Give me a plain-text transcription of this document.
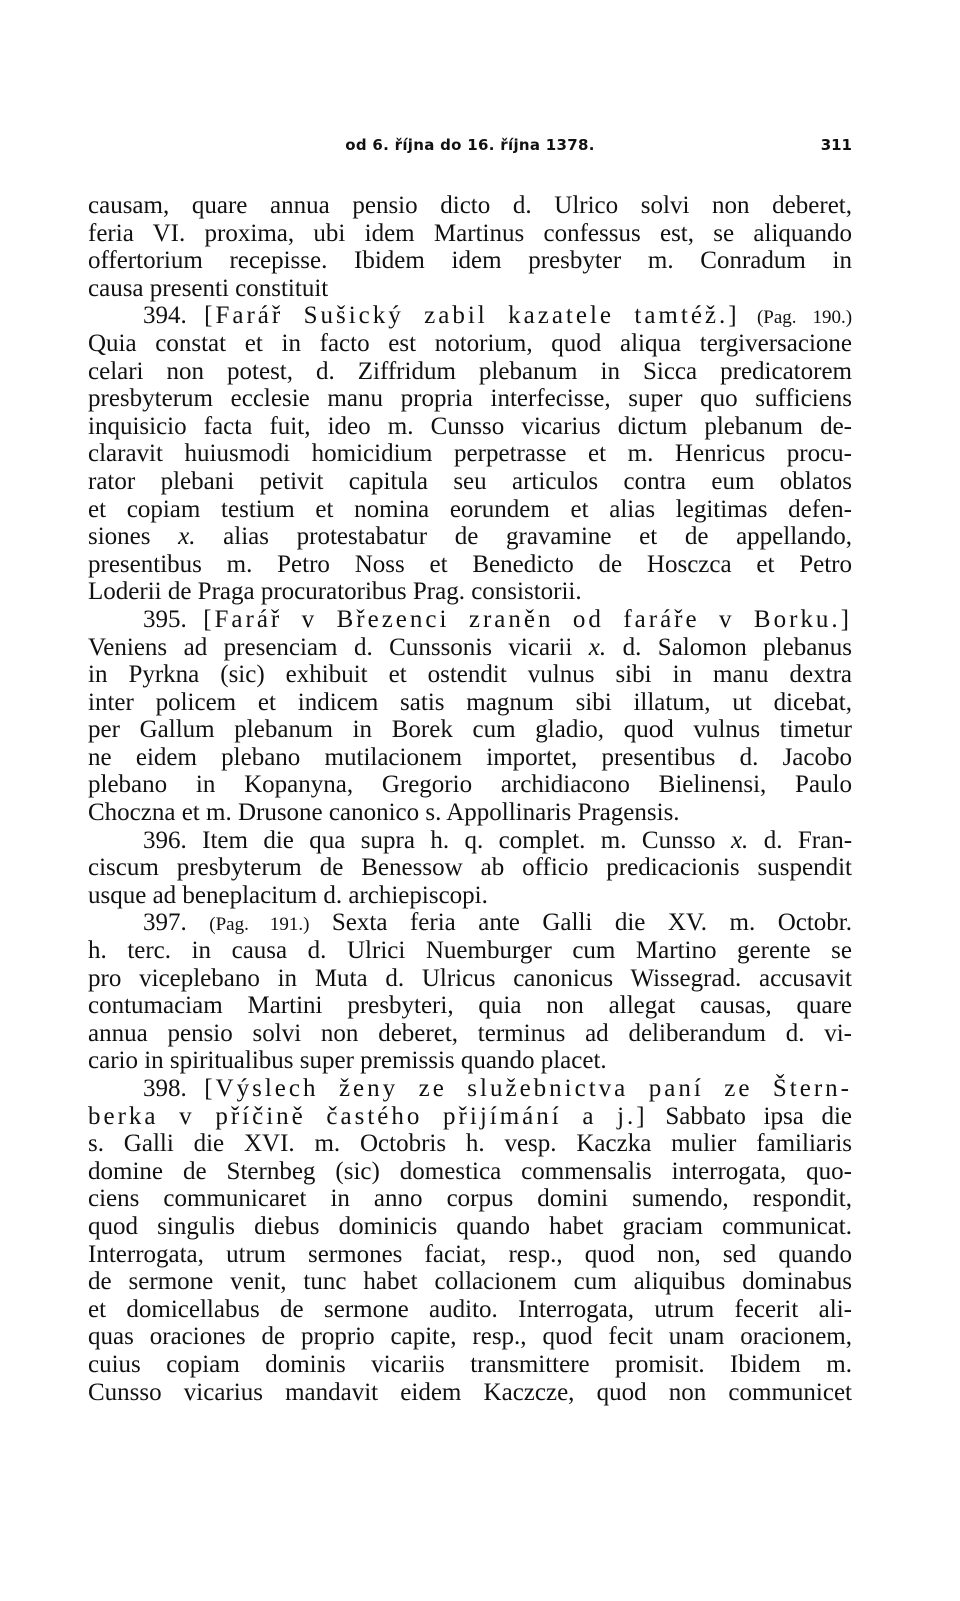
od 6. října do 16. října 1378.	311
causam, quare annua pensio dicto d. Ulrico solvi non deberet,
feria VI. proxima, ubi idem Martinus confessus est, se aliquando
offertorium recepisse. Ibidem idem presbyter m. Conradum in
causa presenti constituit
394. [Farář Sušický zabil kazatele tamtéž.] (Pag. 190.)
Quia constat et in facto est notorium, quod aliqua tergiversacione
celari non potest, d. Ziffridum plebanum in Sicca predicatorem
presbyterum ecclesie manu propria interfecisse, super quo sufficiens
inquisicio facta fuit, ideo m. Cunsso vicarius dictum plebanum de-
claravit huiusmodi homicidium perpetrasse et m. Henricus procu-
rator plebani petivit capitula seu articulos contra eum oblatos
et copiam testium et nomina eorundem et alias legitimas defen-
siones x. alias protestabatur de gravamine et de appellando,
presentibus m. Petro Noss et Benedicto de Hosczca et Petro
Loderii de Praga procuratoribus Prag. consistorii.
395. [Farář v Březenci zraněn od faráře v Borku.]
Veniens ad presenciam d. Cunssonis vicarii x. d. Salomon plebanus
in Pyrkna (sic) exhibuit et ostendit vulnus sibi in manu dextra
inter policem et indicem satis magnum sibi illatum, ut dicebat,
per Gallum plebanum in Borek cum gladio, quod vulnus timetur
ne eidem plebano mutilacionem importet, presentibus d. Jacobo
plebano in Kopanyna, Gregorio archidiacono Bielinensi, Paulo
Choczna et m. Drusone canonico s. Appollinaris Pragensis.
396. Item die qua supra h. q. complet. m. Cunsso x. d. Fran-
ciscum presbyterum de Benessow ab officio predicacionis suspendit
usque ad beneplacitum d. archiepiscopi.
397. (Pag. 191.) Sexta feria ante Galli die XV. m. Octobr.
h. terc. in causa d. Ulrici Nuemburger cum Martino gerente se
pro viceplebano in Muta d. Ulricus canonicus Wissegrad. accusavit
contumaciam Martini presbyteri, quia non allegat causas, quare
annua pensio solvi non deberet, terminus ad deliberandum d. vi-
cario in spiritualibus super premissis quando placet.
398. [Výslech ženy ze služebnictva paní ze Štern-
berka v příčině častého přijímání a j.] Sabbato ipsa die
s. Galli die XVI. m. Octobris h. vesp. Kaczka mulier familiaris
domine de Sternbeg (sic) domestica commensalis interrogata, quo-
ciens communicaret in anno corpus domini sumendo, respondit,
quod singulis diebus dominicis quando habet graciam communicat.
Interrogata, utrum sermones faciat, resp., quod non, sed quando
de sermone venit, tunc habet collacionem cum aliquibus dominabus
et domicellabus de sermone audito. Interrogata, utrum fecerit ali-
quas oraciones de proprio capite, resp., quod fecit unam oracionem,
cuius copiam dominis vicariis transmittere promisit. Ibidem m.
Cunsso vicarius mandavit eidem Kaczcze, quod non communicet
